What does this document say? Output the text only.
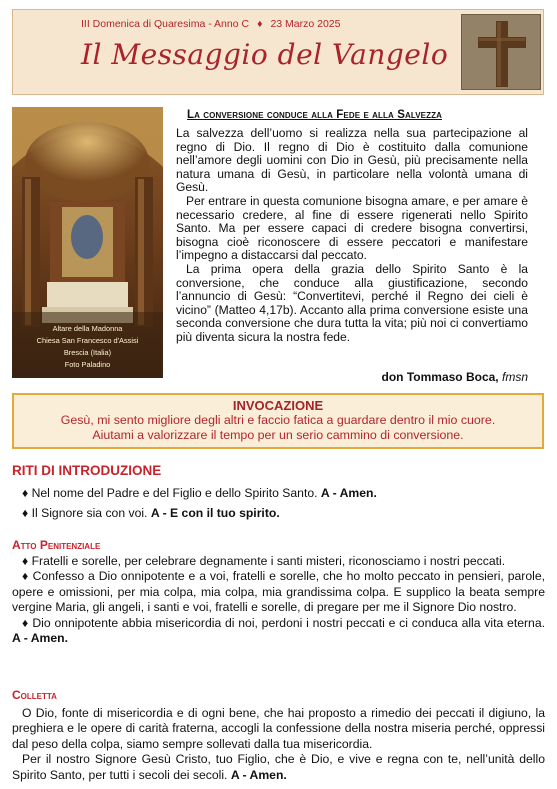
III Domenica di Quaresima - Anno C ♦ 23 Marzo 2025
Il Messaggio del Vangelo
Altare della Madonna
Chiesa San Francesco d'Assisi
Brescia (Italia)
Foto Paladino
La conversione conduce alla Fede e alla Salvezza

La salvezza dell’uomo si realizza nella sua partecipazione al regno di Dio. Il regno di Dio è costituito dalla comunione nell’amore degli uomini con Dio in Gesù, più precisamente nella natura umana di Gesù, in particolare nella volontà umana di Gesù.

Per entrare in questa comunione bisogna amare, e per amare è necessario credere, al fine di essere rigenerati nello Spirito Santo. Ma per essere capaci di credere bisogna convertirsi, bisogna cioè riconoscere di essere peccatori e manifestare l’impegno a distaccarsi dal peccato.

La prima opera della grazia dello Spirito Santo è la conversione, che conduce alla giustificazione, secondo l’annuncio di Gesù: “Convertitevi, perché il Regno dei cieli è vicino” (Matteo 4,17b). Accanto alla prima conversione esiste una seconda conversione che dura tutta la vita; più noi ci convertiamo più diventa sicura la nostra fede.

don Tommaso Boca, fmsn
INVOCAZIONE
Gesù, mi sento migliore degli altri e faccio fatica a guardare dentro il mio cuore.
Aiutami a valorizzare il tempo per un serio cammino di conversione.
RITI DI INTRODUZIONE
♦ Nel nome del Padre e del Figlio e dello Spirito Santo. A - Amen.
♦ Il Signore sia con voi. A - E con il tuo spirito.
Atto Penitenziale

♦ Fratelli e sorelle, per celebrare degnamente i santi misteri, riconosciamo i nostri peccati.

♦ Confesso a Dio onnipotente e a voi, fratelli e sorelle, che ho molto peccato in pensieri, parole, opere e omissioni, per mia colpa, mia colpa, mia grandissima colpa. E supplico la beata sempre vergine Maria, gli angeli, i santi e voi, fratelli e sorelle, di pregare per me il Signore Dio nostro.

♦ Dio onnipotente abbia misericordia di noi, perdoni i nostri peccati e ci conduca alla vita eterna. A - Amen.

Colletta

O Dio, fonte di misericordia e di ogni bene, che hai proposto a rimedio dei peccati il digiuno, la preghiera e le opere di carità fraterna, accogli la confessione della nostra miseria perché, oppressi dal peso della colpa, siamo sempre sollevati dalla tua misericordia.

Per il nostro Signore Gesù Cristo, tuo Figlio, che è Dio, e vive e regna con te, nell’unità dello Spirito Santo, per tutti i secoli dei secoli. A - Amen.
